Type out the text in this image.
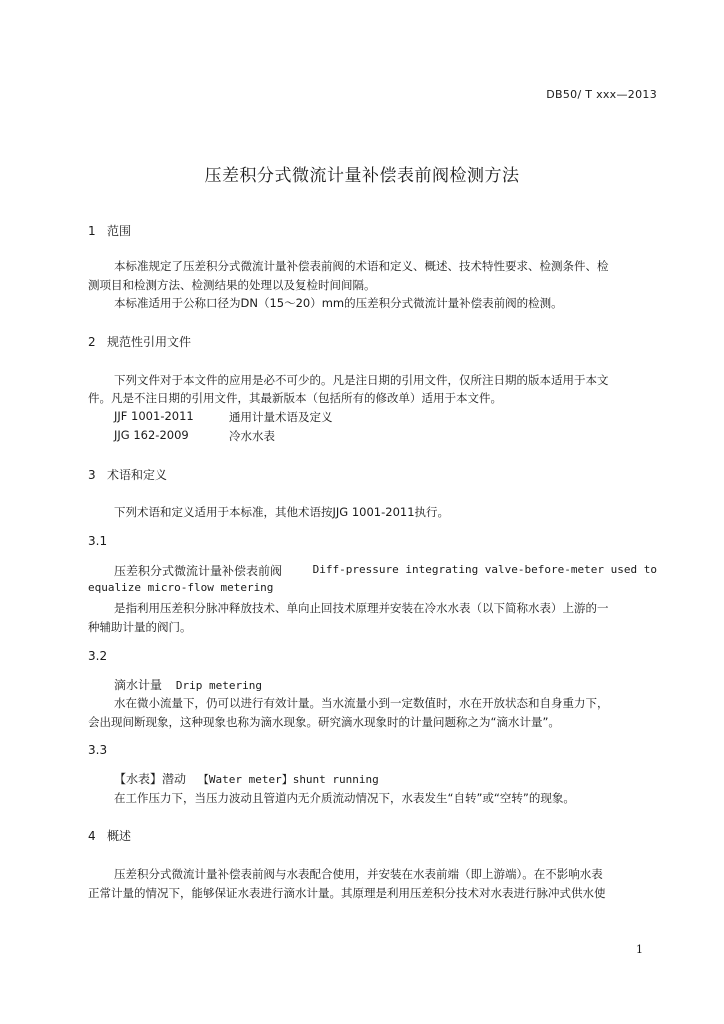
DB50/ T xxx—2013
压差积分式微流计量补偿表前阀检测方法
1 范围
本标准规定了压差积分式微流计量补偿表前阀的术语和定义、概述、技术特性要求、检测条件、检
测项目和检测方法、检测结果的处理以及复检时间间隔。
本标准适用于公称口径为DN（15～20）mm的压差积分式微流计量补偿表前阀的检测。
2 规范性引用文件
下列文件对于本文件的应用是必不可少的。凡是注日期的引用文件，仅所注日期的版本适用于本文
件。凡是不注日期的引用文件，其最新版本（包括所有的修改单）适用于本文件。
JJF 1001-2011	通用计量术语及定义
JJG 162-2009	冷水水表
3 术语和定义
下列术语和定义适用于本标准，其他术语按JJG 1001-2011执行。
3.1
压差积分式微流计量补偿表前阀	Diff-pressure integrating valve-before-meter used to
equalize micro-flow metering
是指利用压差积分脉冲释放技术、单向止回技术原理并安装在冷水水表（以下简称水表）上游的一
种辅助计量的阀门。
3.2
滴水计量 Drip metering
水在微小流量下，仍可以进行有效计量。当水流量小到一定数值时，水在开放状态和自身重力下，
会出现间断现象，这种现象也称为滴水现象。研究滴水现象时的计量问题称之为“滴水计量”。
3.3
【水表】潜动 【Water meter】shunt running
在工作压力下，当压力波动且管道内无介质流动情况下，水表发生“自转”或“空转”的现象。
4 概述
压差积分式微流计量补偿表前阀与水表配合使用，并安装在水表前端（即上游端）。在不影响水表
正常计量的情况下，能够保证水表进行滴水计量。其原理是利用压差积分技术对水表进行脉冲式供水使
1
